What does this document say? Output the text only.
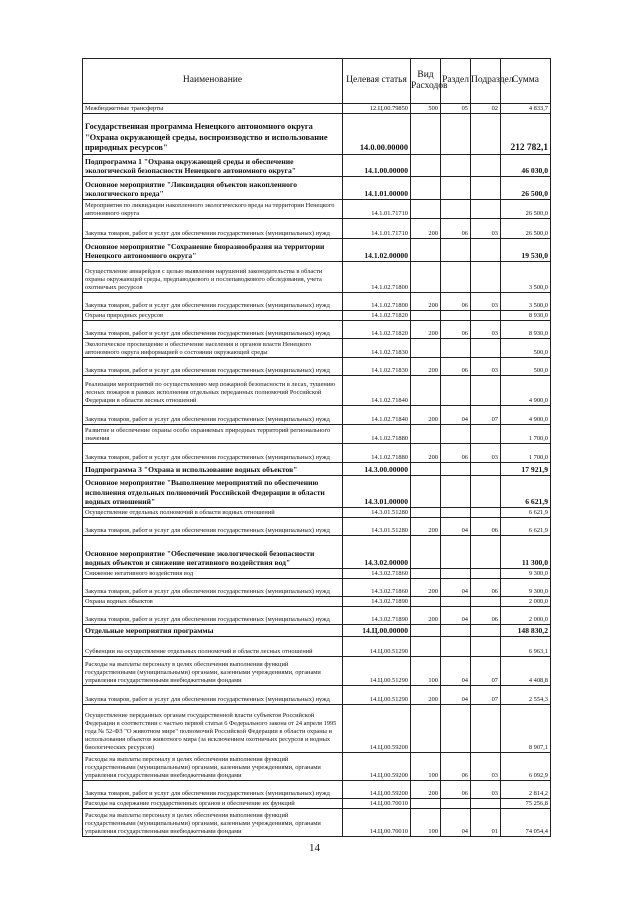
Наименование	Целевая статья	Вид Расходов	Раздел	Подраздел	Сумма
Межбюджетные трансферты	12.Ц.00.79850	500	05	02	4 833,7
Государственная программа Ненецкого автономного округа "Охрана окружающей среды, воспроизводство и использование природных ресурсов"	14.0.00.00000				212 782,1
Подпрограмма 1 "Охрана окружающей среды и обеспечение экологической безопасности Ненецкого автономного округа"	14.1.00.00000				46 030,0
Основное мероприятие "Ликвидация объектов накопленного экологического вреда"	14.1.01.00000				26 500,0
Мероприятия по ликвидации накопленного экологического вреда на территории Ненецкого автономного округа	14.1.01.71710				26 500,0
Закупка товаров, работ и услуг для обеспечения государственных (муниципальных) нужд	14.1.01.71710	200	06	03	26 500,0
Основное мероприятие "Сохранение биоразнообразия на территории Ненецкого автономного округа"	14.1.02.00000				19 530,0
Осуществление авиарейдов с целью выявления нарушений законодательства в области охраны окружающей среды, предпаводкового и послепаводкового обследования, учета охотничьих ресурсов	14.1.02.71800				3 500,0
Закупка товаров, работ и услуг для обеспечения государственных (муниципальных) нужд	14.1.02.71800	200	06	03	3 500,0
Охрана природных ресурсов	14.1.02.71820				8 930,0
Закупка товаров, работ и услуг для обеспечения государственных (муниципальных) нужд	14.1.02.71820	200	06	03	8 930,0
Экологическое просвещение и обеспечение населения и органов власти Ненецкого автономного округа информацией о состоянии окружающей среды	14.1.02.71830				500,0
Закупка товаров, работ и услуг для обеспечения государственных (муниципальных) нужд	14.1.02.71830	200	06	03	500,0
Реализация мероприятий по осуществлению мер пожарной безопасности в лесах, тушению лесных пожаров в рамках исполнения отдельных переданных полномочий Российской Федерации в области лесных отношений	14.1.02.71840				4 900,0
Закупка товаров, работ и услуг для обеспечения государственных (муниципальных) нужд	14.1.02.71840	200	04	07	4 900,0
Развитие и обеспечение охраны особо охраняемых природных территорий регионального значения	14.1.02.71880				1 700,0
Закупка товаров, работ и услуг для обеспечения государственных (муниципальных) нужд	14.1.02.71880	200	06	03	1 700,0
Подпрограмма 3 "Охрана и использование водных объектов"	14.3.00.00000				17 921,9
Основное мероприятие "Выполнение мероприятий по обеспечению исполнения отдельных полномочий Российской Федерации в области водных отношений"	14.3.01.00000				6 621,9
Осуществление отдельных полномочий в области водных отношений	14.3.01.51280				6 621,9
Закупка товаров, работ и услуг для обеспечения государственных (муниципальных) нужд	14.3.01.51280	200	04	06	6 621,9
Основное мероприятие "Обеспечение экологической безопасности водных объектов и снижение негативного воздействия вод"	14.3.02.00000				11 300,0
Снижение негативного воздействия вод	14.3.02.71860				9 300,0
Закупка товаров, работ и услуг для обеспечения государственных (муниципальных) нужд	14.3.02.71860	200	04	06	9 300,0
Охрана водных объектов	14.3.02.71890				2 000,0
Закупка товаров, работ и услуг для обеспечения государственных (муниципальных) нужд	14.3.02.71890	200	04	06	2 000,0
Отдельные мероприятия программы	14.Ц.00.00000				148 830,2
Субвенции на осуществление отдельных полномочий в области лесных отношений	14.Ц.00.51290				6 963,1
Расходы на выплаты персоналу в целях обеспечения выполнения функций государственными (муниципальными) органами, казенными учреждениями, органами управления государственными внебюджетными фондами	14.Ц.00.51290	100	04	07	4 408,8
Закупка товаров, работ и услуг для обеспечения государственных (муниципальных) нужд	14.Ц.00.51290	200	04	07	2 554,3
Осуществление переданных органам государственной власти субъектов Российской Федерации в соответствии с частью первой статьи 6 Федерального закона от 24 апреля 1995 года № 52-ФЗ "О животном мире" полномочий Российской Федерации в области охраны и использования объектов животного мира (за исключением охотничьих ресурсов и водных биологических ресурсов)	14.Ц.00.59200				8 907,1
Расходы на выплаты персоналу в целях обеспечения выполнения функций государственными (муниципальными) органами, казенными учреждениями, органами управления государственными внебюджетными фондами	14.Ц.00.59200	100	06	03	6 092,9
Закупка товаров, работ и услуг для обеспечения государственных (муниципальных) нужд	14.Ц.00.59200	200	06	03	2 814,2
Расходы на содержание государственных органов и обеспечение их функций	14.Ц.00.70010				75 256,8
Расходы на выплаты персоналу в целях обеспечения выполнения функций государственными (муниципальными) органами, казенными учреждениями, органами управления государственными внебюджетными фондами	14.Ц.00.70010	100	04	01	74 054,4
14
